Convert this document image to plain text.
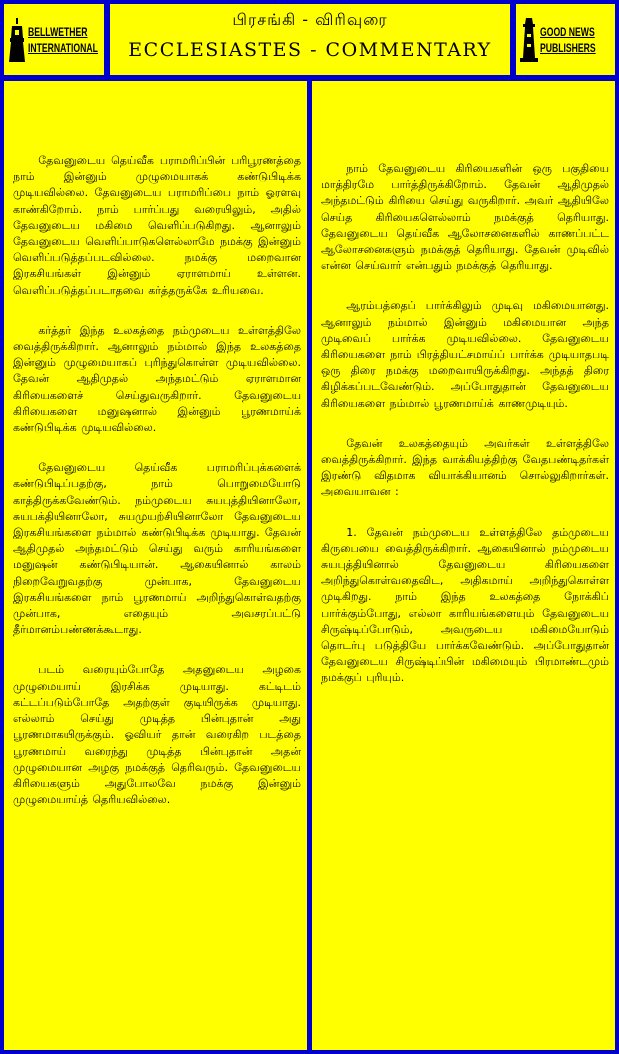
BELLWETHER
INTERNATIONAL
பிரசங்கி - விரிவுரை
ECCLESIASTES - COMMENTARY
GOOD NEWS
PUBLISHERS

தேவனுடைய தெய்வீக பராமரிப்பின் பரிபூரணத்தை நாம் இன்னும் முழுமையாகக் கண்டுபிடிக்க முடியவில்லை. தேவனுடைய பராமரிப்பை நாம் ஓரளவு காண்கிறோம். நாம் பார்ப்பது வரையிலும், அதில் தேவனுடைய மகிமை வெளிப்படுகிறது. ஆனாலும் தேவனுடைய வெளிப்பாடுகளெல்லாமே நமக்கு இன்னும் வெளிப்படுத்தப்படவில்லை. நமக்கு மறைவான இரகசியங்கள் இன்னும் ஏராளமாய் உள்ளன. வெளிப்படுத்தப்படாதவை கர்த்தருக்கே உரியவை.

கர்த்தர் இந்த உலகத்தை நம்முடைய உள்ளத்திலே வைத்திருக்கிறார். ஆனாலும் நம்மால் இந்த உலகத்தை இன்னும் முழுமையாகப் புரிந்துகொள்ள முடியவில்லை. தேவன் ஆதிமுதல் அந்தமட்டும் ஏராளமான கிரியைகளைச் செய்துவருகிறார். தேவனுடைய கிரியைகளை மனுஷனால் இன்னும் பூரணமாய்க் கண்டுபிடிக்க முடியவில்லை.

தேவனுடைய தெய்வீக பராமரிப்புக்களைக் கண்டுபிடிப்பதற்கு, நாம் பொறுமையோடு காத்திருக்கவேண்டும். நம்முடைய சுயபுத்தியினாலோ, சுயபக்தியினாலோ, சுயமுயற்சியினாலோ தேவனுடைய இரகசியங்களை நம்மால் கண்டுபிடிக்க முடியாது. தேவன் ஆதிமுதல் அந்தமட்டும் செய்து வரும் காரியங்களை மனுஷன் கண்டுபிடியான். ஆகையினால் காலம் நிறைவேறுவதற்கு முன்பாக, தேவனுடைய இரகசியங்களை நாம் பூரணமாய் அறிந்துகொள்வதற்கு முன்பாக, எதையும் அவசரப்பட்டு தீர்மானம்பண்ணக்கூடாது.

படம் வரையும்போதே அதனுடைய அழகை முழுமையாய் இரசிக்க முடியாது. கட்டிடம் கட்டப்படும்போதே அதற்குள் குடியிருக்க முடியாது. எல்லாம் செய்து முடித்த பின்புதான் அது பூரணமாகயிருக்கும். ஓவியர் தான் வரைகிற படத்தை பூரணமாய் வரைந்து முடித்த பின்புதான் அதன் முழுமையான அழகு நமக்குத் தெரிவரும். தேவனுடைய கிரியைகளும் அதுபோலவே நமக்கு இன்னும் முழுமையாய்த் தெரியவில்லை.

நாம் தேவனுடைய கிரியைகளின் ஒரு பகுதியை மாத்திரமே பார்த்திருக்கிறோம். தேவன் ஆதிமுதல் அந்தமட்டும் கிரியை செய்து வருகிறார். அவர் ஆதியிலே செய்த கிரியைகளெல்லாம் நமக்குத் தெரியாது. தேவனுடைய தெய்வீக ஆலோசனைகளில் காணப்பட்ட ஆலோசனைகளும் நமக்குத் தெரியாது. தேவன் முடிவில் என்ன செய்வார் என்பதும் நமக்குத் தெரியாது.

ஆரம்பத்தைப் பார்க்கிலும் முடிவு மகிமையானது. ஆனாலும் நம்மால் இன்னும் மகிமையான அந்த முடிவைப் பார்க்க முடியவில்லை. தேவனுடைய கிரியைகளை நாம் பிரத்தியட்சமாய்ப் பார்க்க முடியாதபடி ஒரு திரை நமக்கு மறைவாயிருக்கிறது. அந்தத் திரை கிழிக்கப்படவேண்டும். அப்போதுதான் தேவனுடைய கிரியைகளை நம்மால் பூரணமாய்க் காணமுடியும்.

தேவன் உலகத்தையும் அவர்கள் உள்ளத்திலே வைத்திருக்கிறார். இந்த வாக்கியத்திற்கு வேதபண்டிதர்கள் இரண்டு விதமாக வியாக்கியானம் சொல்லுகிறார்கள். அவையாவன :

1. தேவன் நம்முடைய உள்ளத்திலே தம்முடைய கிருபையை வைத்திருக்கிறார். ஆகையினால் நம்முடைய சுயபுத்தியினால் தேவனுடைய கிரியைகளை அறிந்துகொள்வதைவிட, அதிகமாய் அறிந்துகொள்ள முடிகிறது. நாம் இந்த உலகத்தை நோக்கிப் பார்க்கும்போது, எல்லா காரியங்களையும் தேவனுடைய சிருஷ்டிப்போடும், அவருடைய மகிமையோடும் தொடர்பு படுத்தியே பார்க்கவேண்டும். அப்போதுதான் தேவனுடைய சிருஷ்டிப்பின் மகிமையும் பிரமாண்டமும் நமக்குப் புரியும்.
